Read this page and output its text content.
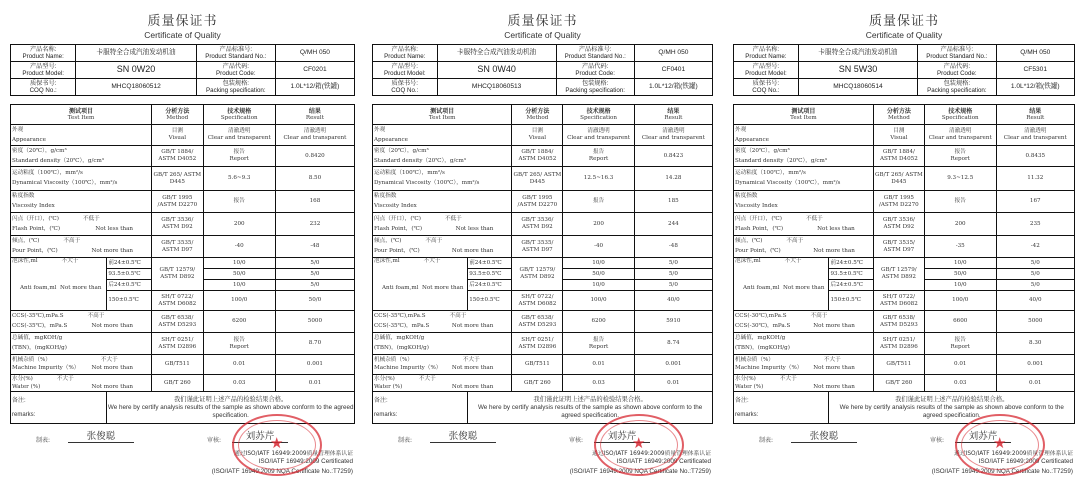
质量保证书
Certificate of Quality
产品名称:
Product Name:	卡服特全合成汽油发动机油	产品标准号:
Product Standard No.:	Q/MH 050
产品型号:
Product Model:	SN 0W20	产品代码:
Product Code:	CF0201
质保书号:
COQ No.:	MHCQ18060512	包装规格:
Packing specification:	1.0L*12/箱(铁罐)
测试项目
Test Item		分析方法
Method	技术规格
Specification	结果
Result

外观
Appearance		目测
Visual	清澈透明
Clear and transparent	清澈透明
Clear and transparent

密度（20℃），g/cm³
Standard density（20℃），g/cm³		GB/T 1884/ ASTM D4052	报告
Report	0.8420

运动粘度（100℃），mm²/s
Dynamical Viscosity（100℃），mm²/s		GB/T 265/ ASTM D445	5.6~9.3	8.50

粘度指数
Viscosity Index		GB/T 1995 /ASTM D2270	报告	168

闪点（开口），(℃) 不低于
Flash Point，(℃) Not less than		GB/T 3536/ ASTM D92	200	232

倾点，(℃) 不高于
Pour Point，(℃) Not more than		GB/T 3535/ ASTM D97	-40	-48

泡沫性,ml 不大于
Anti foam,ml Not more than	前24±0.5℃	GB/T 12579/ ASTM D892	10/0	5/0
	93.5±0.5℃		50/0	5/0
	后24±0.5℃		10/0	5/0
	150±0.5℃	SH/T 0722/ ASTM D6082	100/0	50/0

CCS(-35℃),mPa.S 不高于
CCS(-35℃)，mPa.S Not more than		GB/T 6538/ ASTM D5293	6200	5000

总碱值，mgKOH/g
(TBN)，(mgKOH/g)		SH/T 0251/ ASTM D2896	报告
Report	8.70

机械杂质（%） 不大于
Machine Impurity（%） Not more than		GB/T511	0.01	0.001

水分(%) 不大于
Water (%) Not more than		GB/T 260	0.03	0.01
备注:
remarks:	我们谨此证明上述产品的检验结果合格。
We here by certify analysis results of the sample as shown above conform to the agreed specification.			
制表:	张俊聪	审核:	刘苏芹
通过ISO/IATF 16949:2009质量管理体系认证
ISO/IATF 16949:2009 Certificated
(ISO/IATF 16949:2009 NQA Certificate No.:T7259)
★
质量保证书
Certificate of Quality
产品名称:
Product Name:	卡服特全合成汽油发动机油	产品标准号:
Product Standard No.:	Q/MH 050
产品型号:
Product Model:	SN 0W40	产品代码:
Product Code:	CF0401
质保书号:
COQ No.:	MHCQ18060513	包装规格:
Packing specification:	1.0L*12/箱(铁罐)
测试项目
Test Item		分析方法
Method	技术规格
Specification	结果
Result

外观
Appearance		目测
Visual	清澈透明
Clear and transparent	清澈透明
Clear and transparent

密度（20℃），g/cm³
Standard density（20℃），g/cm³		GB/T 1884/ ASTM D4052	报告
Report	0.8423

运动粘度（100℃），mm²/s
Dynamical Viscosity（100℃），mm²/s		GB/T 265/ ASTM D445	12.5~16.3	14.28

粘度指数
Viscosity Index		GB/T 1995 /ASTM D2270	报告	185

闪点（开口），(℃) 不低于
Flash Point，(℃) Not less than		GB/T 3536/ ASTM D92	200	244

倾点，(℃) 不高于
Pour Point，(℃) Not more than		GB/T 3535/ ASTM D97	-40	-48

泡沫性,ml 不大于
Anti foam,ml Not more than	前24±0.5℃	GB/T 12579/ ASTM D892	10/0	5/0
	93.5±0.5℃		50/0	5/0
	后24±0.5℃		10/0	5/0
	150±0.5℃	SH/T 0722/ ASTM D6082	100/0	40/0

CCS(-35℃),mPa.S 不高于
CCS(-35℃)，mPa.S Not more than		GB/T 6538/ ASTM D5293	6200	5910

总碱值，mgKOH/g
(TBN)，(mgKOH/g)		SH/T 0251/ ASTM D2896	报告
Report	8.74

机械杂质（%） 不大于
Machine Impurity（%） Not more than		GB/T511	0.01	0.001

水分(%) 不大于
Water (%) Not more than		GB/T 260	0.03	0.01
备注:
remarks:	我们谨此证明上述产品的检验结果合格。
We here by certify analysis results of the sample as shown above conform to the agreed specification.			
制表:	张俊聪	审核:	刘苏芹
通过ISO/IATF 16949:2009质量管理体系认证
ISO/IATF 16949:2009 Certificated
(ISO/IATF 16949:2009 NQA Certificate No.:T7259)
★
质量保证书
Certificate of Quality
产品名称:
Product Name:	卡服特全合成汽油发动机油	产品标准号:
Product Standard No.:	Q/MH 050
产品型号:
Product Model:	SN 5W30	产品代码:
Product Code:	CF5301
质保书号:
COQ No.:	MHCQ18060514	包装规格:
Packing specification:	1.0L*12/箱(铁罐)
测试项目
Test Item		分析方法
Method	技术规格
Specification	结果
Result

外观
Appearance		目测
Visual	清澈透明
Clear and transparent	清澈透明
Clear and transparent

密度（20℃），g/cm³
Standard density（20℃），g/cm³		GB/T 1884/ ASTM D4052	报告
Report	0.8435

运动粘度（100℃），mm²/s
Dynamical Viscosity（100℃），mm²/s		GB/T 265/ ASTM D445	9.3~12.5	11.32

粘度指数
Viscosity Index		GB/T 1995 /ASTM D2270	报告	167

闪点（开口），(℃) 不低于
Flash Point，(℃) Not less than		GB/T 3536/ ASTM D92	200	235

倾点，(℃) 不高于
Pour Point，(℃) Not more than		GB/T 3535/ ASTM D97	-35	-42

泡沫性,ml 不大于
Anti foam,ml Not more than	前24±0.5℃	GB/T 12579/ ASTM D892	10/0	5/0
	93.5±0.5℃		50/0	5/0
	后24±0.5℃		10/0	5/0
	150±0.5℃	SH/T 0722/ ASTM D6082	100/0	40/0

CCS(-30℃),mPa.S 不高于
CCS(-30℃)，mPa.S Not more than		GB/T 6538/ ASTM D5293	6600	5000

总碱值，mgKOH/g
(TBN)，(mgKOH/g)		SH/T 0251/ ASTM D2896	报告
Report	8.30

机械杂质（%） 不大于
Machine Impurity（%） Not more than		GB/T511	0.01	0.001

水分(%) 不大于
Water (%) Not more than		GB/T 260	0.03	0.01
备注:
remarks:	我们谨此证明上述产品的检验结果合格。
We here by certify analysis results of the sample as shown above conform to the agreed specification.			
制表:	张俊聪	审核:	刘苏芹
通过ISO/IATF 16949:2009质量管理体系认证
ISO/IATF 16949:2009 Certificated
(ISO/IATF 16949:2009 NQA Certificate No.:T7259)
★
